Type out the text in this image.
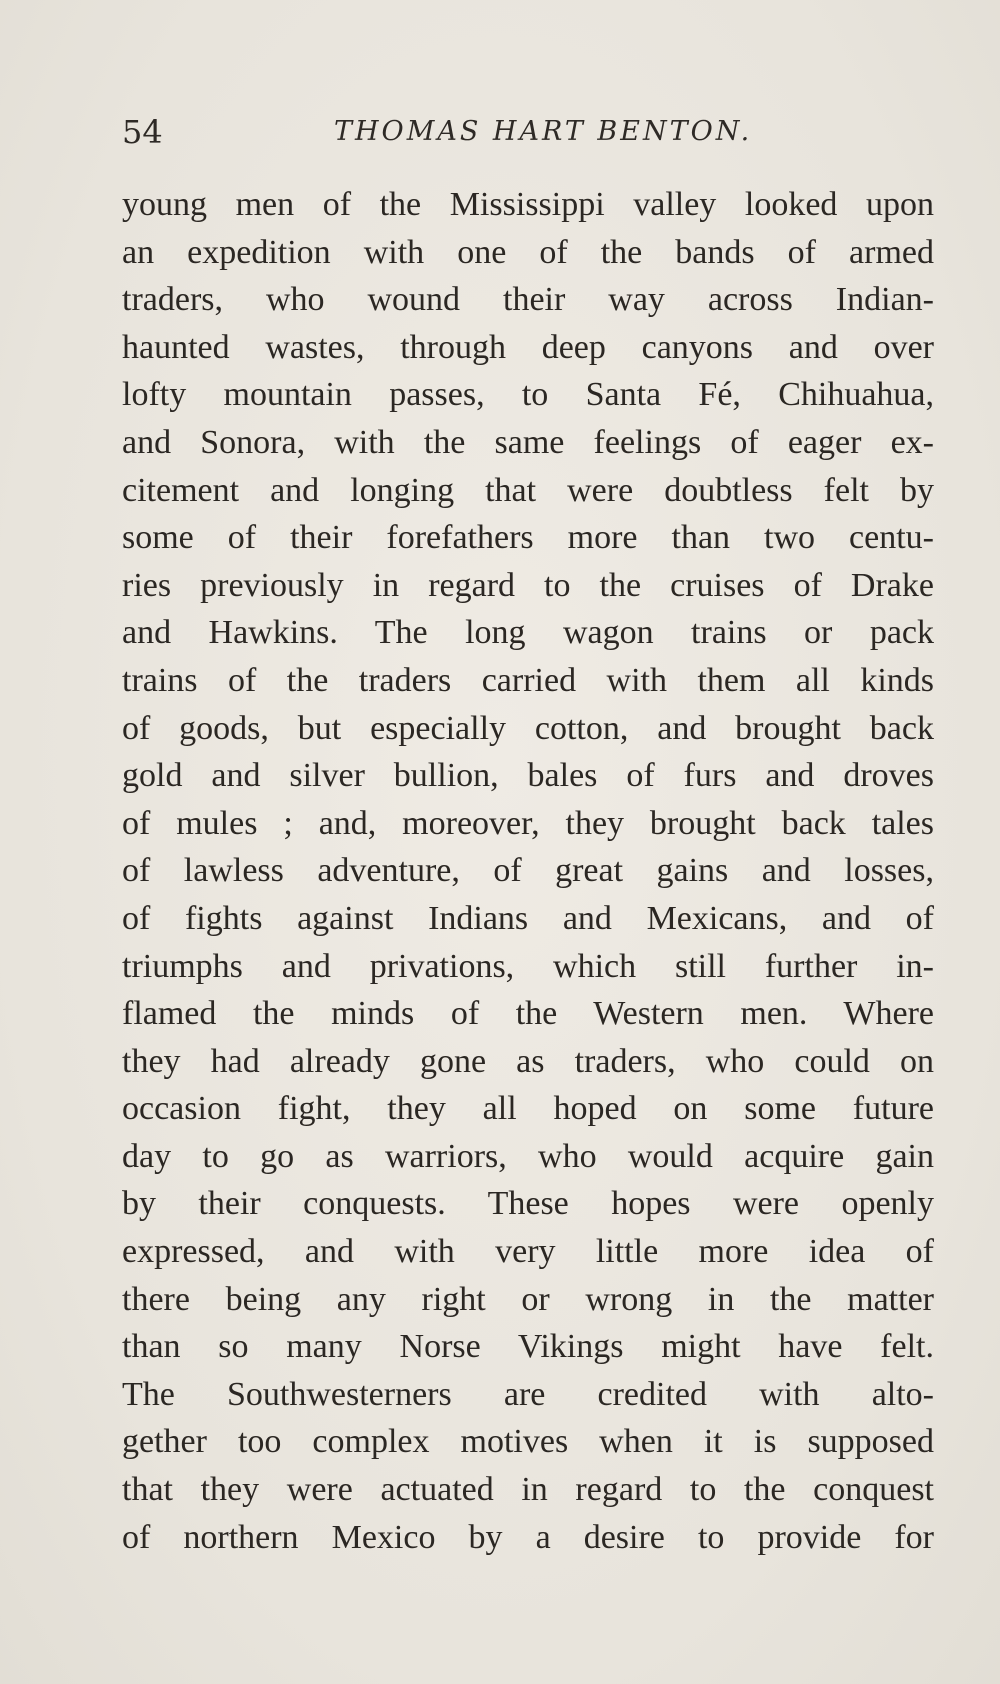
54	THOMAS HART BENTON.
young men of the Mississippi valley looked upon
an expedition with one of the bands of armed
traders, who wound their way across Indian-
haunted wastes, through deep canyons and over
lofty mountain passes, to Santa Fé, Chihuahua,
and Sonora, with the same feelings of eager ex-
citement and longing that were doubtless felt by
some of their forefathers more than two centu-
ries previously in regard to the cruises of Drake
and Hawkins. The long wagon trains or pack
trains of the traders carried with them all kinds
of goods, but especially cotton, and brought back
gold and silver bullion, bales of furs and droves
of mules ; and, moreover, they brought back tales
of lawless adventure, of great gains and losses,
of fights against Indians and Mexicans, and of
triumphs and privations, which still further in-
flamed the minds of the Western men. Where
they had already gone as traders, who could on
occasion fight, they all hoped on some future
day to go as warriors, who would acquire gain
by their conquests. These hopes were openly
expressed, and with very little more idea of
there being any right or wrong in the matter
than so many Norse Vikings might have felt.
The Southwesterners are credited with alto-
gether too complex motives when it is supposed
that they were actuated in regard to the conquest
of northern Mexico by a desire to provide for
